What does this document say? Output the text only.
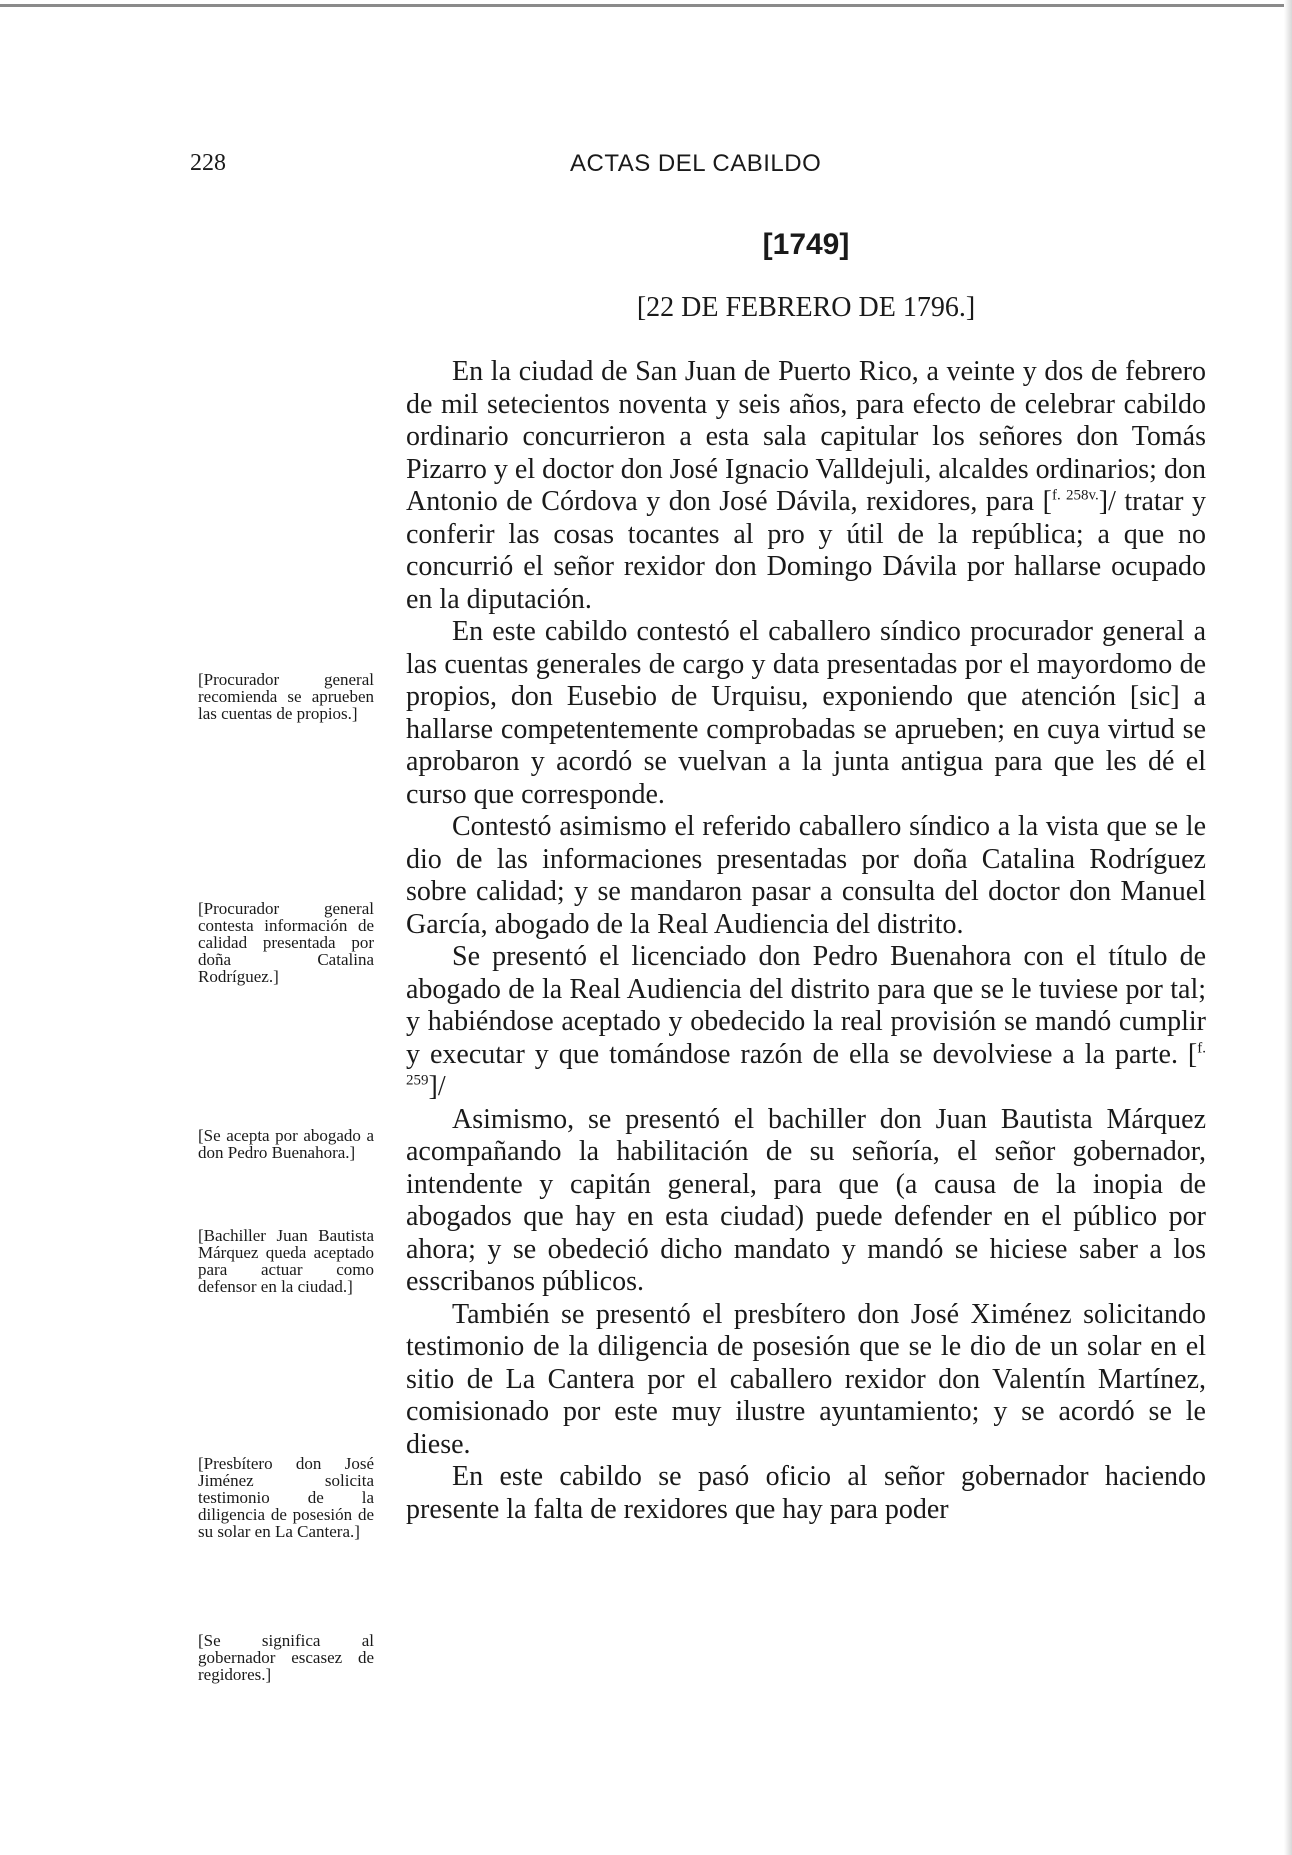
228	ACTAS DEL CABILDO
[1749]
[22 DE FEBRERO DE 1796.]

En la ciudad de San Juan de Puerto Rico, a veinte y dos de febrero de mil setecientos noventa y seis años, para efecto de celebrar cabildo ordinario concurrieron a esta sala capitular los señores don Tomás Pizarro y el doctor don José Ignacio Valldejuli, alcaldes ordinarios; don Antonio de Córdova y don José Dávila, rexidores, para [$^{f. 258v.}$]/ tratar y conferir las cosas tocantes al pro y útil de la república; a que no concurrió el señor rexidor don Domingo Dávila por hallarse ocupado en la diputación.

En este cabildo contestó el caballero síndico procurador general a las cuentas generales de cargo y data presentadas por el mayordomo de propios, don Eusebio de Urquisu, exponiendo que atención [sic] a hallarse competentemente comprobadas se aprueben; en cuya virtud se aprobaron y acordó se vuelvan a la junta antigua para que les dé el curso que corresponde.

Contestó asimismo el referido caballero síndico a la vista que se le dio de las informaciones presentadas por doña Catalina Rodríguez sobre calidad; y se mandaron pasar a consulta del doctor don Manuel García, abogado de la Real Audiencia del distrito.

Se presentó el licenciado don Pedro Buenahora con el título de abogado de la Real Audiencia del distrito para que se le tuviese por tal; y habiéndose aceptado y obedecido la real provisión se mandó cumplir y executar y que tomándose razón de ella se devolviese a la parte. [$^{f. 259}$]/

Asimismo, se presentó el bachiller don Juan Bautista Márquez acompañando la habilitación de su señoría, el señor gobernador, intendente y capitán general, para que (a causa de la inopia de abogados que hay en esta ciudad) puede defender en el público por ahora; y se obedeció dicho mandato y mandó se hiciese saber a los esscribanos públicos.

También se presentó el presbítero don José Ximénez solicitando testimonio de la diligencia de posesión que se le dio de un solar en el sitio de La Cantera por el caballero rexidor don Valentín Martínez, comisionado por este muy ilustre ayuntamiento; y se acordó se le diese.

En este cabildo se pasó oficio al señor gobernador haciendo presente la falta de rexidores que hay para poder

[Procurador general recomienda se aprueben las cuentas de propios.]
[Procurador general contesta información de calidad presentada por doña Catalina Rodríguez.]
[Se acepta por abogado a don Pedro Buenahora.]
[Bachiller Juan Bautista Márquez queda aceptado para actuar como defensor en la ciudad.]
[Presbítero don José Jiménez solicita testimonio de la diligencia de posesión de su solar en La Cantera.]
[Se significa al gobernador escasez de regidores.]
